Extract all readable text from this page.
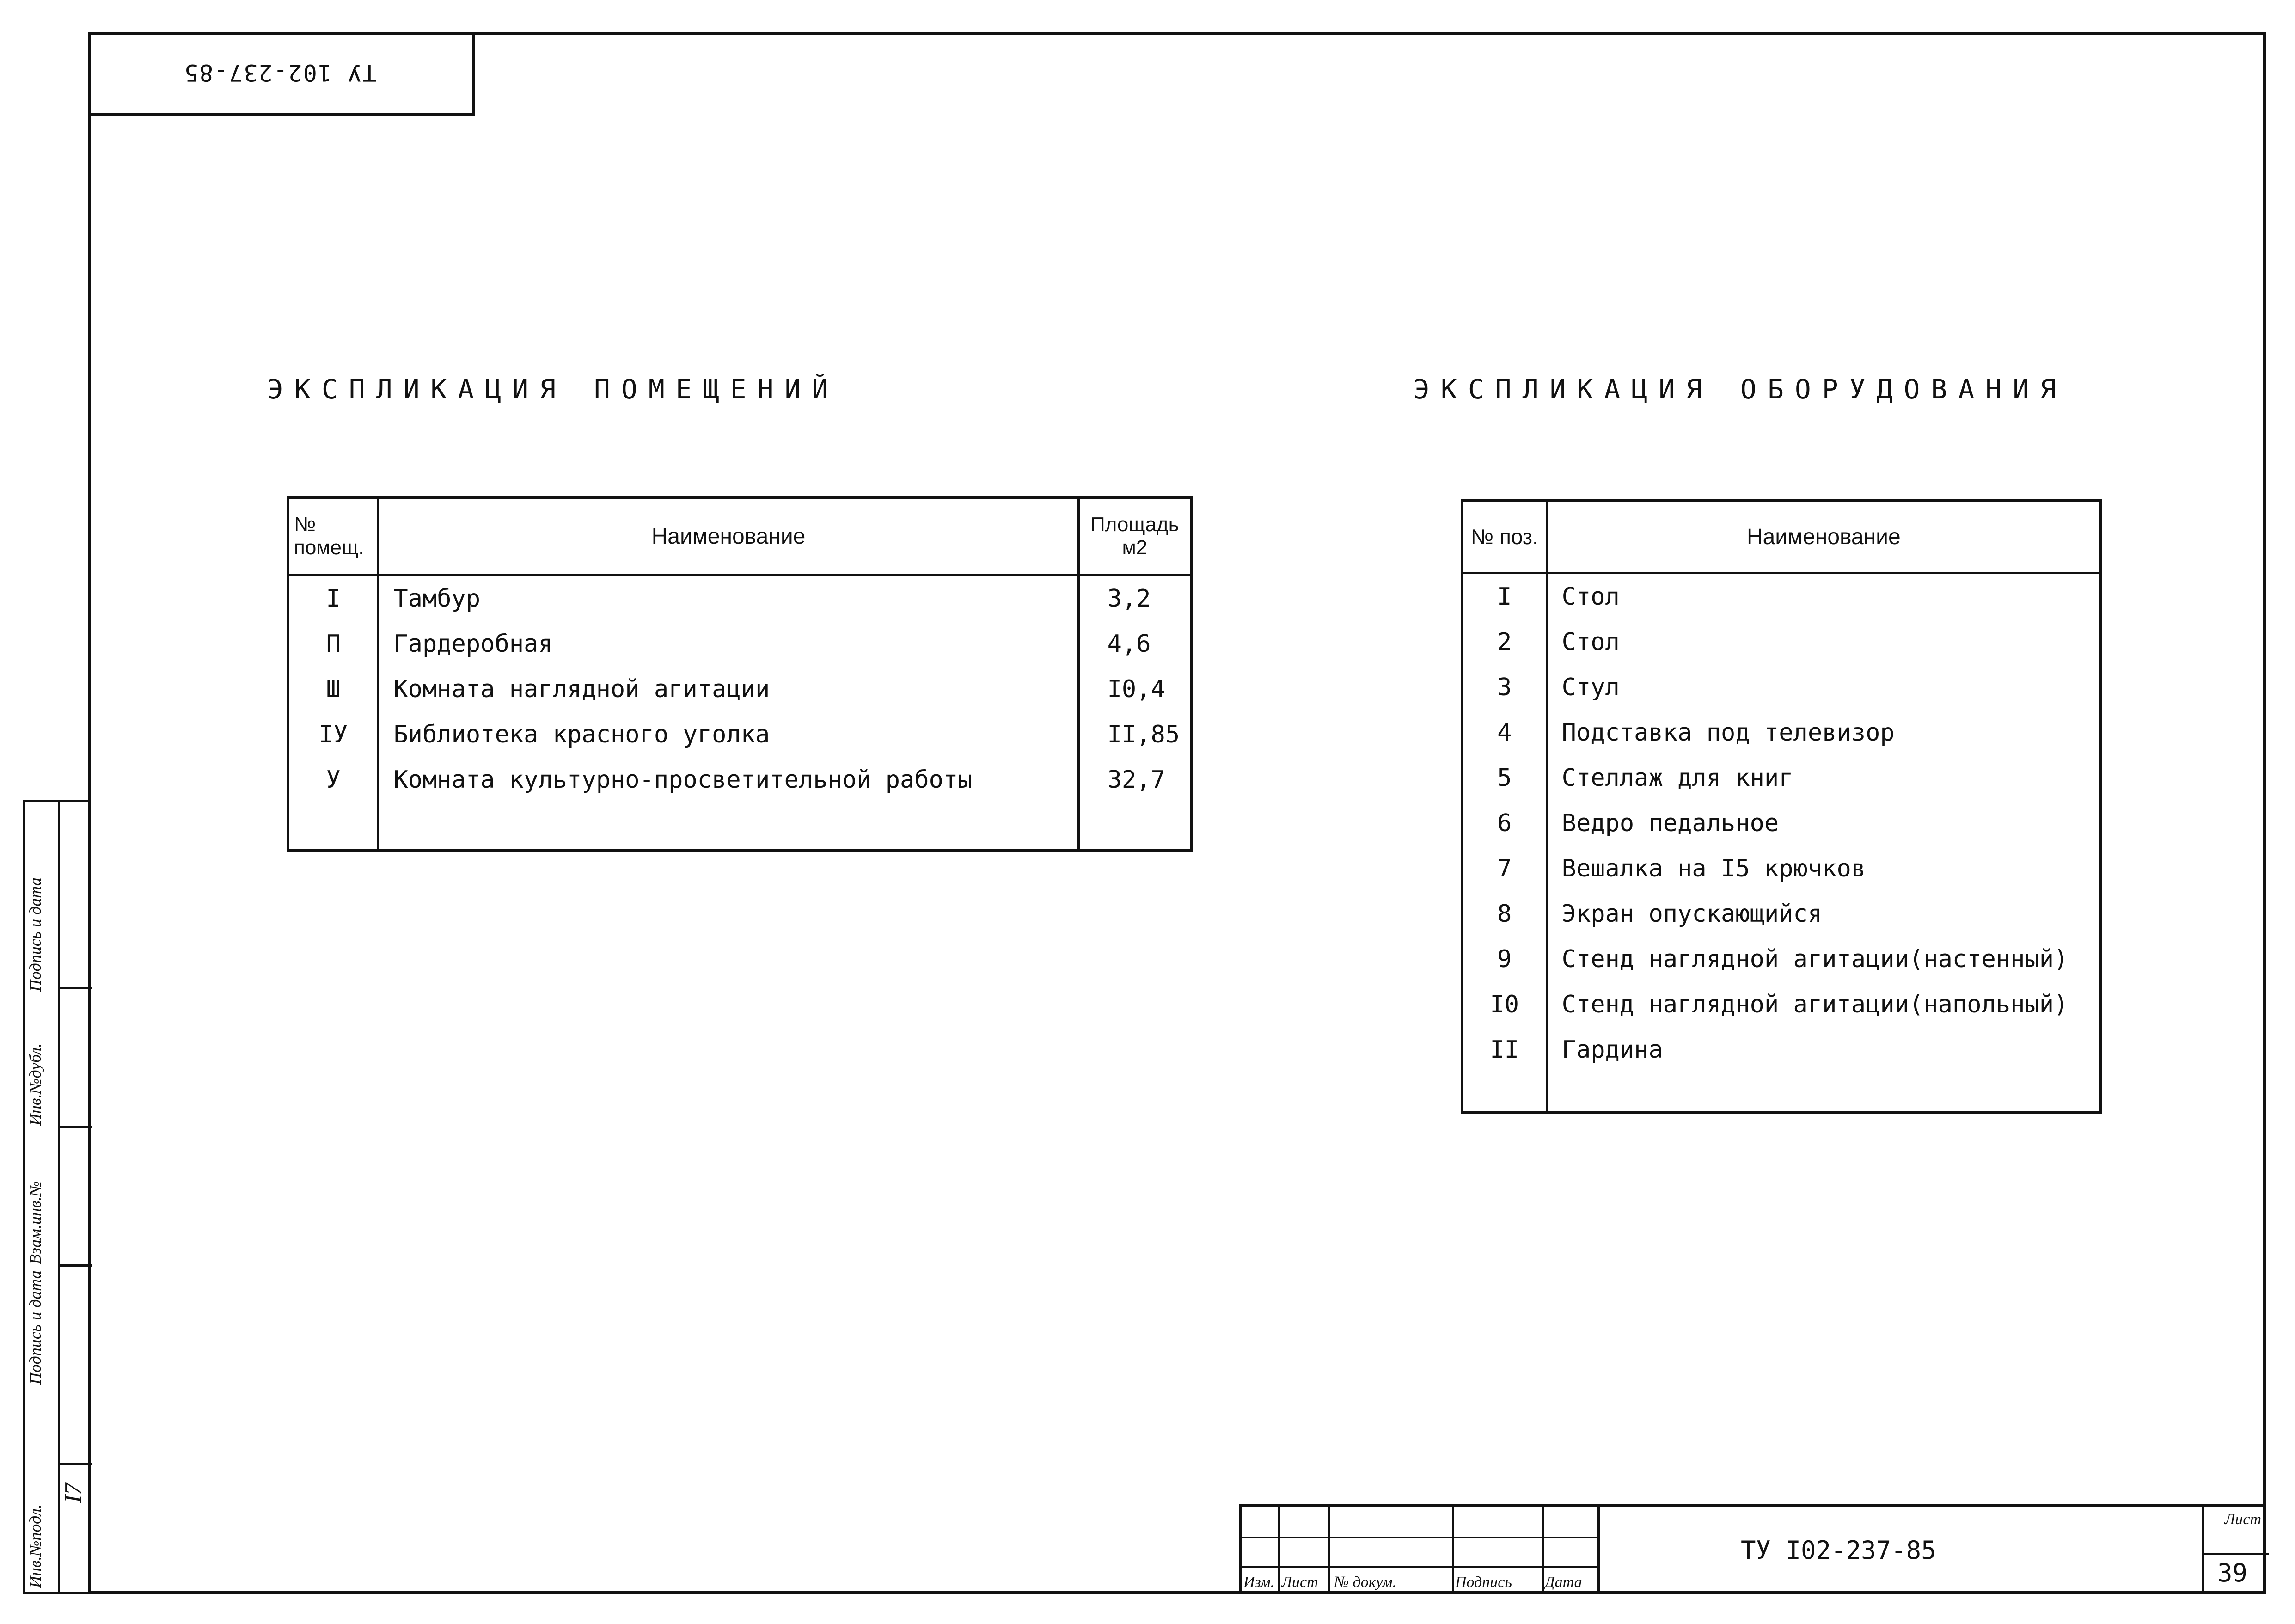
ТУ 102-237-85
ЭКСПЛИКАЦИЯ ПОМЕЩЕНИЙ
№ помещ.	Наименование	Площадь м2
I	Тамбур	3,2
П	Гардеробная	4,6
Ш	Комната наглядной агитации	I0,4
IУ	Библиотека красного уголка	II,85
У	Комната культурно-просветительной работы	32,7

ЭКСПЛИКАЦИЯ ОБОРУДОВАНИЯ
№ поз.	Наименование
I	Стол
2	Стол
3	Стул
4	Подставка под телевизор
5	Стеллаж для книг
6	Ведро педальное
7	Вешалка на I5 крючков
8	Экран опускающийся
9	Стенд наглядной агитации(настенный)
I0	Стенд наглядной агитации(напольный)
II	Гардина

Подпись и дата
Инв.№дубл.
Взам.инв.№
Подпись и дата
Инв.№подл.
I7
Изм. Лист № докум.	Подпись Дата
ТУ I02-237-85
Лист
39
